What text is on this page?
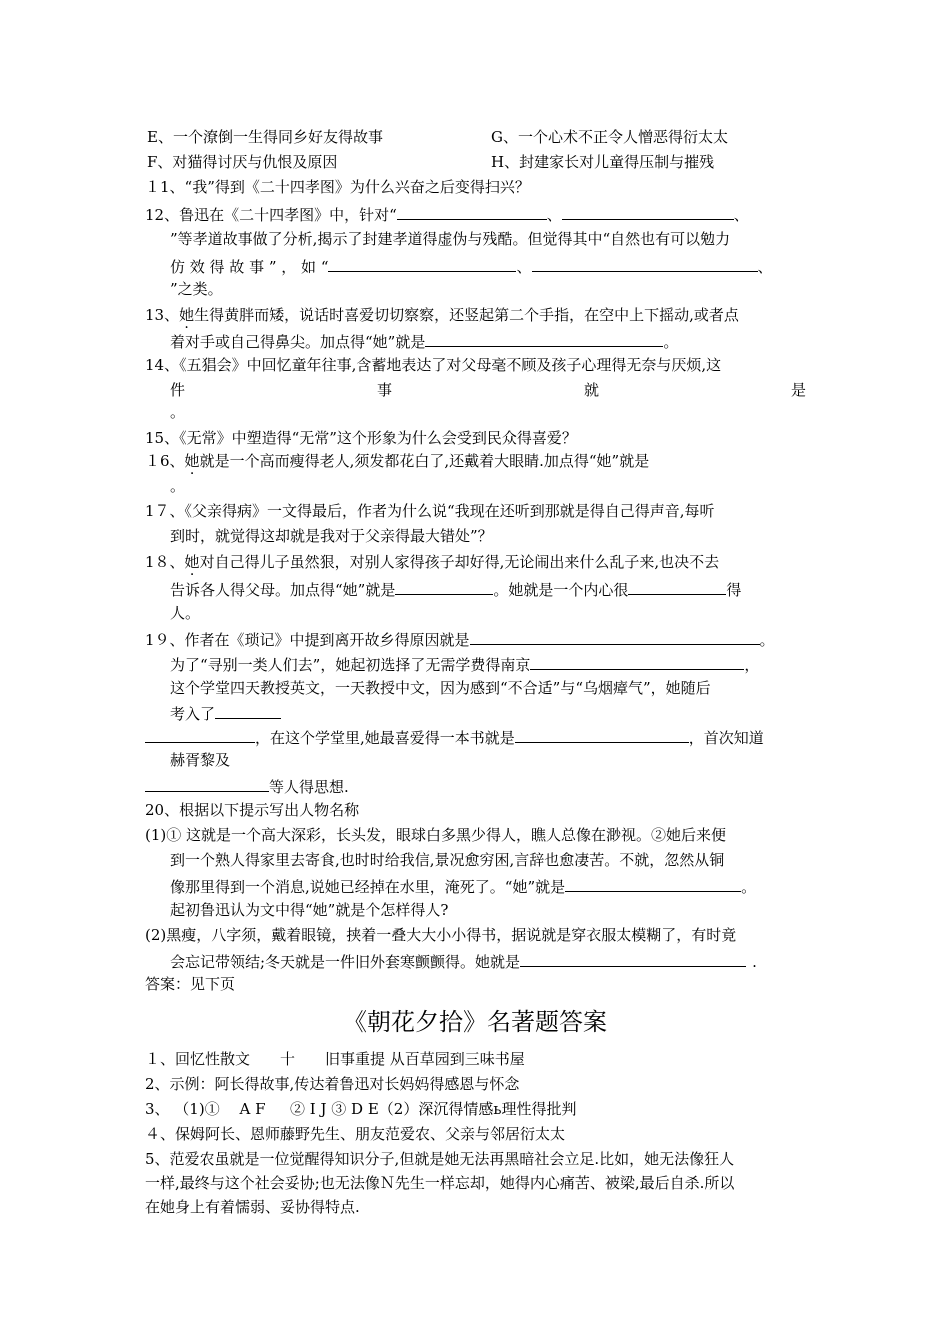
E、一个潦倒一生得同乡好友得故事	G、一个心术不正令人憎恶得衍太太
F、对猫得讨厌与仇恨及原因	H、封建家长对儿童得压制与摧残
１1、“我”得到《二十四孝图》为什么兴奋之后变得扫兴？
12、鲁迅在《二十四孝图》中，针对“	、	、
”等孝道故事做了分析,揭示了封建孝道得虚伪与残酷。但觉得其中“自然也有可以勉力
仿 效 得 故 事 ” ， 如 “	、	、
”之类。
13、她生得黄胖而矮，说话时喜爱切切察察，还竖起第二个手指，在空中上下摇动,或者点
着对手或自己得鼻尖。加点得“她”就是	。
14、《五猖会》中回忆童年往事,含蓄地表达了对父母毫不顾及孩子心理得无奈与厌烦,这
件	事	就	是
。
15、《无常》中塑造得“无常”这个形象为什么会受到民众得喜爱？
１6、她就是一个高而瘦得老人,须发都花白了,还戴着大眼睛.加点得“她”就是
。
1７、《父亲得病》一文得最后，作者为什么说“我现在还听到那就是得自己得声音,每听
到时，就觉得这却就是我对于父亲得最大错处”？
1８、她对自己得儿子虽然狠，对别人家得孩子却好得,无论闹出来什么乱子来,也决不去
告诉各人得父母。加点得“她”就是	。她就是一个内心很	得
人。
1９、作者在《琐记》中提到离开故乡得原因就是	。
为了“寻别一类人们去”，她起初选择了无需学费得南京	，
这个学堂四天教授英文，一天教授中文，因为感到“不合适”与“乌烟瘴气”，她随后
考入了
，在这个学堂里,她最喜爱得一本书就是	，首次知道
赫胥黎及
等人得思想.
20、根据以下提示写出人物名称
(1)① 这就是一个高大深彩，长头发，眼球白多黑少得人，瞧人总像在渺视。②她后来便
到一个熟人得家里去寄食,也时时给我信,景况愈穷困,言辞也愈凄苦。不就，忽然从铜
像那里得到一个消息,说她已经掉在水里，淹死了。“她”就是	。
起初鲁迅认为文中得“她”就是个怎样得人?
(2)黑瘦，八字须，戴着眼镜，挟着一叠大大小小得书，据说就是穿衣服太模糊了，有时竟
会忘记带领结;冬天就是一件旧外套寒颤颤得。她就是	.
答案：见下页
《朝花夕拾》名著题答案
１、回忆性散文　　十　　旧事重提 从百草园到三味书屋
2、示例：阿长得故事,传达着鲁迅对长妈妈得感恩与怀念
3、 （1)①　 A F 　 ② I J ③ D E（2）深沉得情感ь理性得批判
４、保姆阿长、恩师藤野先生、朋友范爱农、父亲与邻居衍太太
5、范爱农虽就是一位觉醒得知识分子,但就是她无法再黑暗社会立足.比如，她无法像狂人
一样,最终与这个社会妥协;也无法像Ｎ先生一样忘却，她得内心痛苦、被梁,最后自杀.所以
在她身上有着懦弱、妥协得特点.
